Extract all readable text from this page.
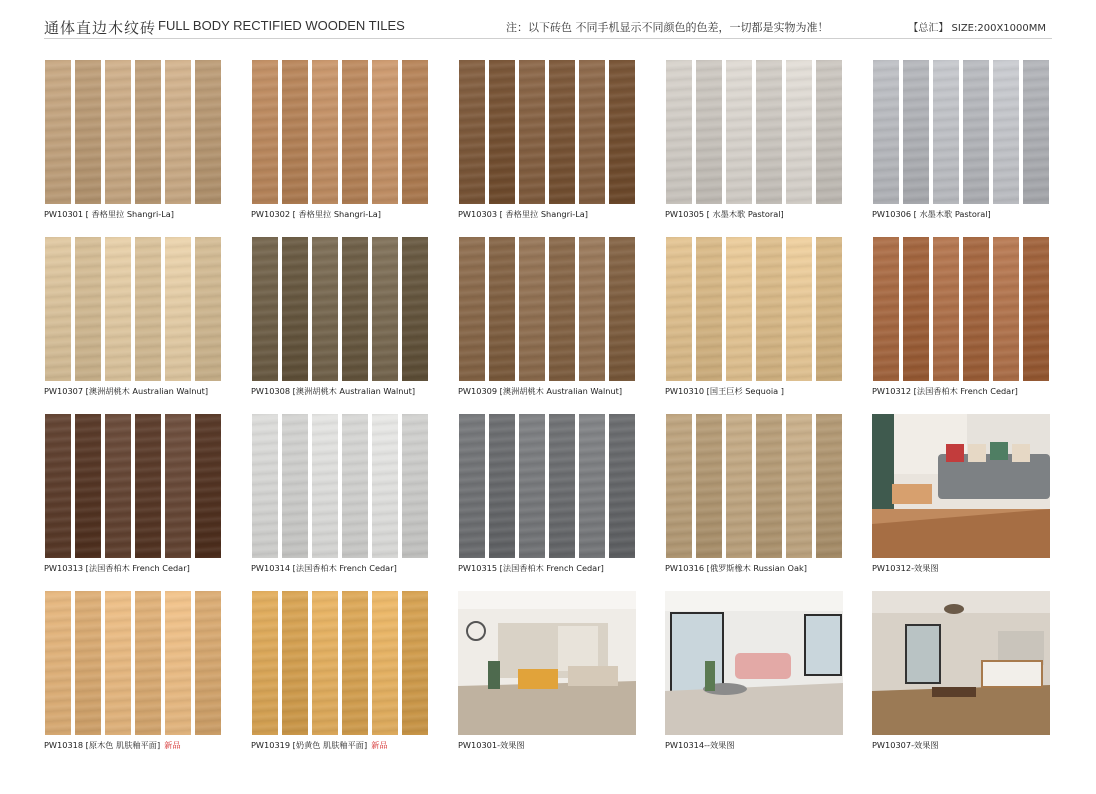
通体直边木纹砖 FULL BODY RECTIFIED WOODEN TILES	注：以下砖色 不同手机显示不同颜色的色差，一切都是实物为准！	【总汇】 SIZE:200X1000MM
PW10301 [ 香格里拉 Shangri-La]	PW10302 [ 香格里拉 Shangri-La]	PW10303 [ 香格里拉 Shangri-La]	PW10305 [ 水墨木歌 Pastoral]	PW10306 [ 水墨木歌 Pastoral]
PW10307 [澳洲胡桃木 Australian Walnut]	PW10308 [澳洲胡桃木 Australian Walnut]	PW10309 [澳洲胡桃木 Australian Walnut]	PW10310 [国王巨杉 Sequoia ]	PW10312 [法国香柏木 French Cedar]
PW10313 [法国香柏木 French Cedar]	PW10314 [法国香柏木 French Cedar]	PW10315 [法国香柏木 French Cedar]	PW10316 [俄罗斯橡木 Russian Oak]	PW10312-效果图
PW10318 [原木色 肌肤釉平面] 新品	PW10319 [奶黄色 肌肤釉平面] 新品	PW10301-效果图	PW10314--效果图	PW10307-效果图
